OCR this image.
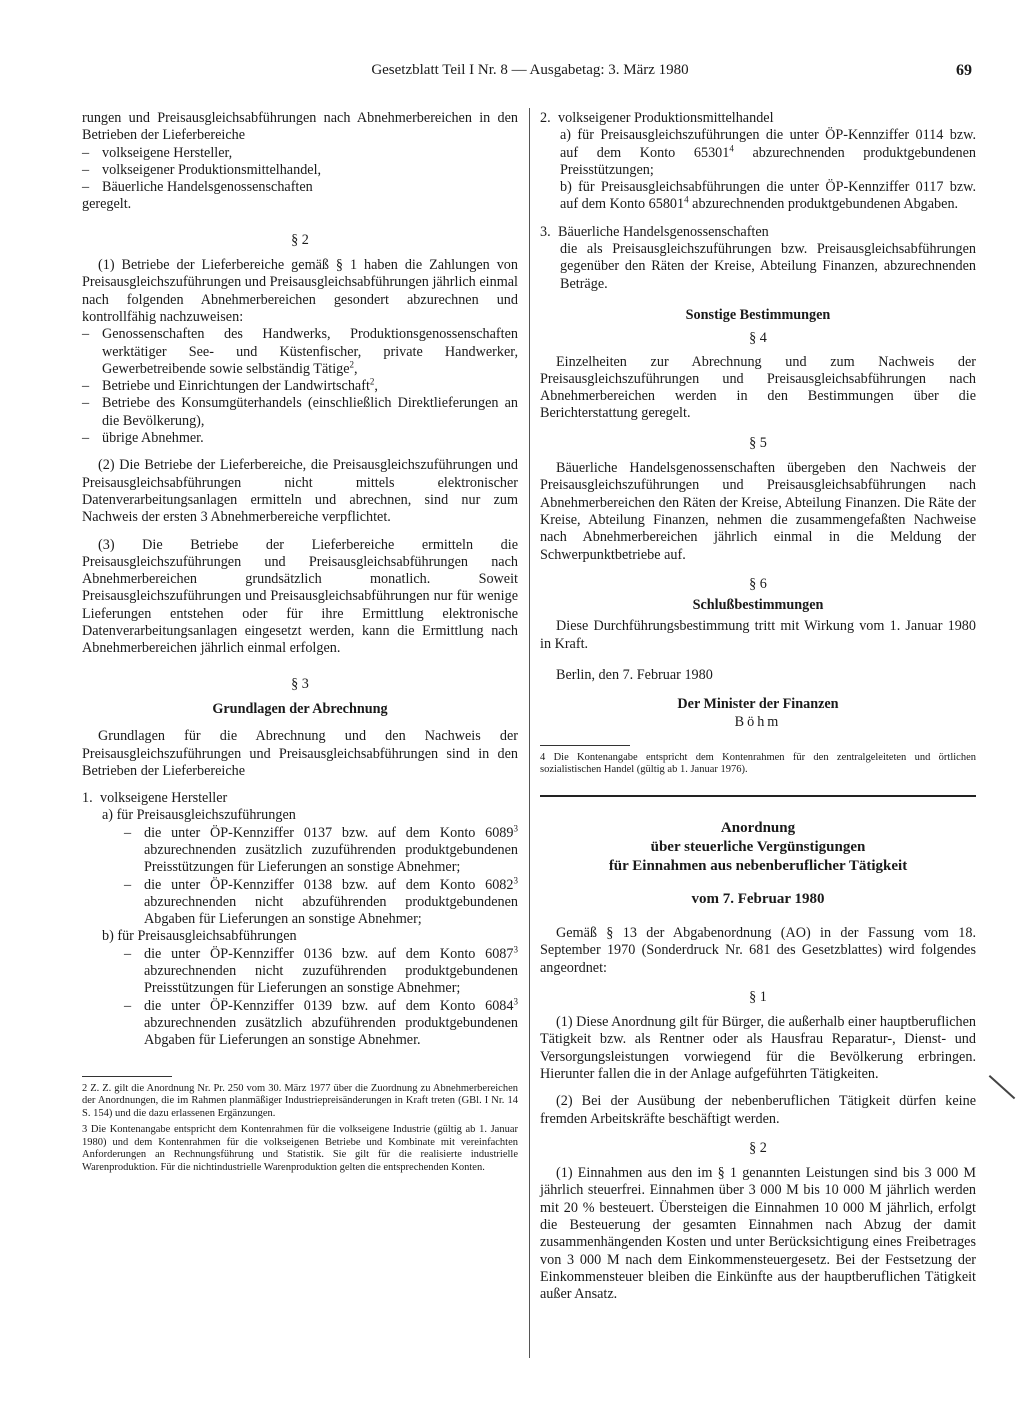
Gesetzblatt Teil I Nr. 8 — Ausgabetag: 3. März 1980	69

rungen und Preisausgleichsabführungen nach Abnehmerbereichen in den Betrieben der Lieferbereiche

– volkseigene Hersteller,
– volkseigener Produktionsmittelhandel,
– Bäuerliche Handelsgenossenschaften

geregelt.

§ 2

(1) Betriebe der Lieferbereiche gemäß § 1 haben die Zahlungen von Preisausgleichszuführungen und Preisausgleichsabführungen jährlich einmal nach folgenden Abnehmerbereichen gesondert abzurechnen und kontrollfähig nachzuweisen:

– Genossenschaften des Handwerks, Produktionsgenossenschaften werktätiger See- und Küstenfischer, private Handwerker, Gewerbetreibende sowie selbständig Tätige$^2$,
– Betriebe und Einrichtungen der Landwirtschaft$^2$,
– Betriebe des Konsumgüterhandels (einschließlich Direktlieferungen an die Bevölkerung),
– übrige Abnehmer.

(2) Die Betriebe der Lieferbereiche, die Preisausgleichszuführungen und Preisausgleichsabführungen nicht mittels elektronischer Datenverarbeitungsanlagen ermitteln und abrechnen, sind nur zum Nachweis der ersten 3 Abnehmerbereiche verpflichtet.

(3) Die Betriebe der Lieferbereiche ermitteln die Preisausgleichszuführungen und Preisausgleichsabführungen nach Abnehmerbereichen grundsätzlich monatlich. Soweit Preisausgleichszuführungen und Preisausgleichsabführungen nur für wenige Lieferungen entstehen oder für ihre Ermittlung elektronische Datenverarbeitungsanlagen eingesetzt werden, kann die Ermittlung nach Abnehmerbereichen jährlich einmal erfolgen.

§ 3

Grundlagen der Abrechnung

Grundlagen für die Abrechnung und den Nachweis der Preisausgleichszuführungen und Preisausgleichsabführungen sind in den Betrieben der Lieferbereiche

1. volkseigene Hersteller

a) für Preisausgleichszuführungen

– die unter ÖP-Kennziffer 0137 bzw. auf dem Konto 6089$^3$ abzurechnenden zusätzlich zuzuführenden produktgebundenen Preisstützungen für Lieferungen an sonstige Abnehmer;
– die unter ÖP-Kennziffer 0138 bzw. auf dem Konto 6082$^3$ abzurechnenden nicht abzuführenden produktgebundenen Abgaben für Lieferungen an sonstige Abnehmer;

b) für Preisausgleichsabführungen

– die unter ÖP-Kennziffer 0136 bzw. auf dem Konto 6087$^3$ abzurechnenden nicht zuzuführenden produktgebundenen Preisstützungen für Lieferungen an sonstige Abnehmer;
– die unter ÖP-Kennziffer 0139 bzw. auf dem Konto 6084$^3$ abzurechnenden zusätzlich abzuführenden produktgebundenen Abgaben für Lieferungen an sonstige Abnehmer.

2 Z. Z. gilt die Anordnung Nr. Pr. 250 vom 30. März 1977 über die Zuordnung zu Abnehmerbereichen der Anordnungen, die im Rahmen planmäßiger Industriepreisänderungen in Kraft treten (GBl. I Nr. 14 S. 154) und die dazu erlassenen Ergänzungen.

3 Die Kontenangabe entspricht dem Kontenrahmen für die volkseigene Industrie (gültig ab 1. Januar 1980) und dem Kontenrahmen für die volkseigenen Betriebe und Kombinate mit vereinfachten Anforderungen an Rechnungsführung und Statistik. Sie gilt für die realisierte industrielle Warenproduktion. Für die nichtindustrielle Warenproduktion gelten die entsprechenden Konten.

2. volkseigener Produktionsmittelhandel

a) für Preisausgleichszuführungen die unter ÖP-Kennziffer 0114 bzw. auf dem Konto 65301$^4$ abzurechnenden produktgebundenen Preisstützungen;

b) für Preisausgleichsabführungen die unter ÖP-Kennziffer 0117 bzw. auf dem Konto 65801$^4$ abzurechnenden produktgebundenen Abgaben.

3. Bäuerliche Handelsgenossenschaften

die als Preisausgleichszuführungen bzw. Preisausgleichsabführungen gegenüber den Räten der Kreise, Abteilung Finanzen, abzurechnenden Beträge.

Sonstige Bestimmungen

§ 4

Einzelheiten zur Abrechnung und zum Nachweis der Preisausgleichszuführungen und Preisausgleichsabführungen nach Abnehmerbereichen werden in den Bestimmungen über die Berichterstattung geregelt.

§ 5

Bäuerliche Handelsgenossenschaften übergeben den Nachweis der Preisausgleichszuführungen und Preisausgleichsabführungen nach Abnehmerbereichen den Räten der Kreise, Abteilung Finanzen. Die Räte der Kreise, Abteilung Finanzen, nehmen die zusammengefaßten Nachweise nach Abnehmerbereichen jährlich einmal in die Meldung der Schwerpunktbetriebe auf.

§ 6

Schlußbestimmungen

Diese Durchführungsbestimmung tritt mit Wirkung vom 1. Januar 1980 in Kraft.

Berlin, den 7. Februar 1980

Der Minister der Finanzen

Böhm

4 Die Kontenangabe entspricht dem Kontenrahmen für den zentralgeleiteten und örtlichen sozialistischen Handel (gültig ab 1. Januar 1976).

Anordnung

über steuerliche Vergünstigungen

für Einnahmen aus nebenberuflicher Tätigkeit

vom 7. Februar 1980

Gemäß § 13 der Abgabenordnung (AO) in der Fassung vom 18. September 1970 (Sonderdruck Nr. 681 des Gesetzblattes) wird folgendes angeordnet:

§ 1

(1) Diese Anordnung gilt für Bürger, die außerhalb einer hauptberuflichen Tätigkeit bzw. als Rentner oder als Hausfrau Reparatur-, Dienst- und Versorgungsleistungen vorwiegend für die Bevölkerung erbringen. Hierunter fallen die in der Anlage aufgeführten Tätigkeiten.

(2) Bei der Ausübung der nebenberuflichen Tätigkeit dürfen keine fremden Arbeitskräfte beschäftigt werden.

§ 2

(1) Einnahmen aus den im § 1 genannten Leistungen sind bis 3 000 M jährlich steuerfrei. Einnahmen über 3 000 M bis 10 000 M jährlich werden mit 20 % besteuert. Übersteigen die Einnahmen 10 000 M jährlich, erfolgt die Besteuerung der gesamten Einnahmen nach Abzug der damit zusammenhängenden Kosten und unter Berücksichtigung eines Freibetrages von 3 000 M nach dem Einkommensteuergesetz. Bei der Festsetzung der Einkommensteuer bleiben die Einkünfte aus der hauptberuflichen Tätigkeit außer Ansatz.
